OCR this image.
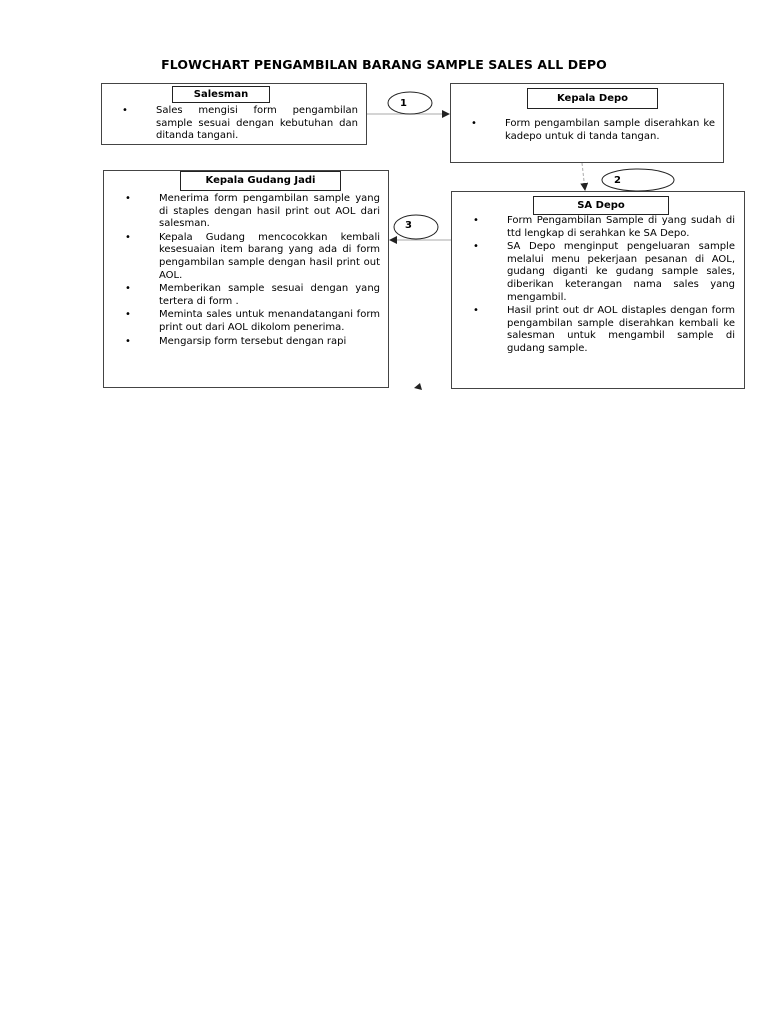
FLOWCHART PENGAMBILAN BARANG SAMPLE SALES ALL DEPO
Salesman
• Sales mengisi form pengambilan sample sesuai dengan kebutuhan dan ditanda tangani.
Kepala Depo
• Form pengambilan sample diserahkan ke kadepo untuk di tanda tangan.
Kepala Gudang Jadi
• Menerima form pengambilan sample yang di staples dengan hasil print out AOL dari salesman.
• Kepala Gudang mencocokkan kembali kesesuaian item barang yang ada di form pengambilan sample dengan hasil print out AOL.
• Memberikan sample sesuai dengan yang tertera di form .
• Meminta sales untuk menandatangani form print out dari AOL dikolom penerima.
• Mengarsip form tersebut dengan rapi
SA Depo
• Form Pengambilan Sample di yang sudah di ttd lengkap di serahkan ke SA Depo.
• SA Depo menginput pengeluaran sample melalui menu pekerjaan pesanan di AOL, gudang diganti ke gudang sample sales, diberikan keterangan nama sales yang mengambil.
• Hasil print out dr AOL distaples dengan form pengambilan sample diserahkan kembali ke salesman untuk mengambil sample di gudang sample.
1
2
3
